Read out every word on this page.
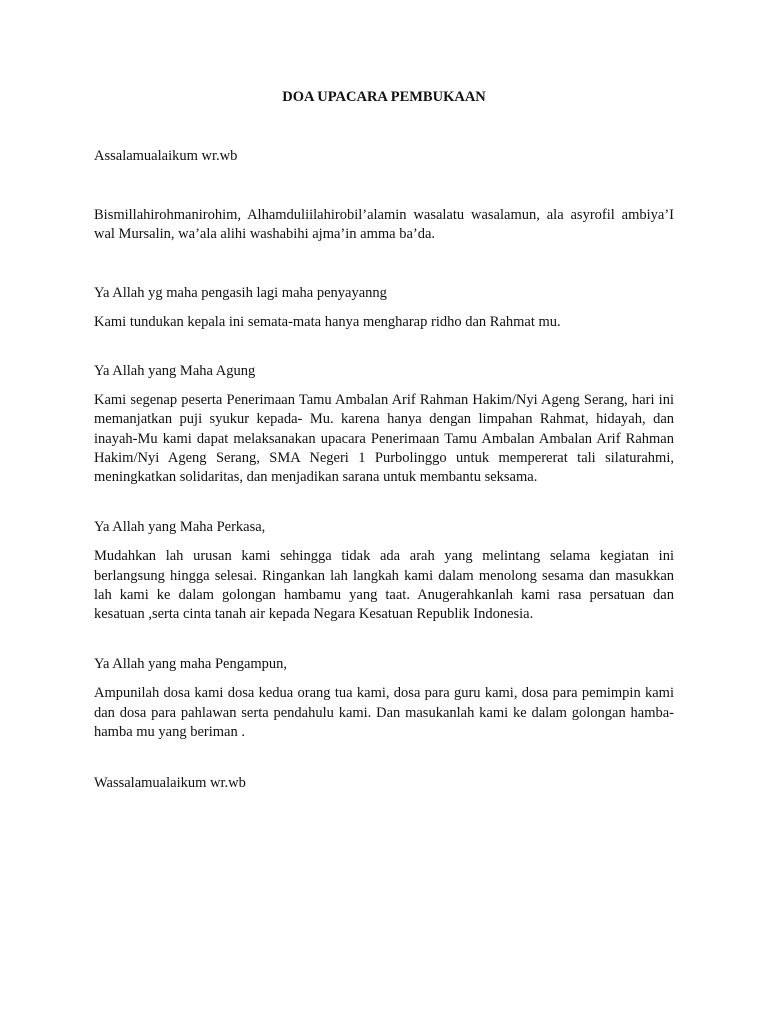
DOA UPACARA PEMBUKAAN

Assalamualaikum wr.wb

Bismillahirohmanirohim, Alhamduliilahirobil’alamin wasalatu wasalamun, ala asyrofil ambiya’I wal Mursalin, wa’ala alihi washabihi ajma’in amma ba’da.

Ya Allah yg maha pengasih lagi maha penyayanng

Kami tundukan kepala ini semata-mata hanya mengharap ridho dan Rahmat mu.

Ya Allah yang Maha Agung

Kami segenap peserta Penerimaan Tamu Ambalan Arif Rahman Hakim/Nyi Ageng Serang, hari ini memanjatkan puji syukur kepada- Mu. karena hanya dengan limpahan Rahmat, hidayah, dan inayah-Mu kami dapat melaksanakan upacara Penerimaan Tamu Ambalan Ambalan Arif Rahman Hakim/Nyi Ageng Serang, SMA Negeri 1 Purbolinggo untuk mempererat tali silaturahmi, meningkatkan solidaritas, dan menjadikan sarana untuk membantu seksama.

Ya Allah yang Maha Perkasa,

Mudahkan lah urusan kami sehingga tidak ada arah yang melintang selama kegiatan ini berlangsung hingga selesai. Ringankan lah langkah kami dalam menolong sesama dan masukkan lah kami ke dalam golongan hambamu yang taat. Anugerahkanlah kami rasa persatuan dan kesatuan ,serta cinta tanah air kepada Negara Kesatuan Republik Indonesia.

Ya Allah yang maha Pengampun,

Ampunilah dosa kami dosa kedua orang tua kami, dosa para guru kami, dosa para pemimpin kami dan dosa para pahlawan serta pendahulu kami. Dan masukanlah kami ke dalam golongan hamba-hamba mu yang beriman .

Wassalamualaikum wr.wb
